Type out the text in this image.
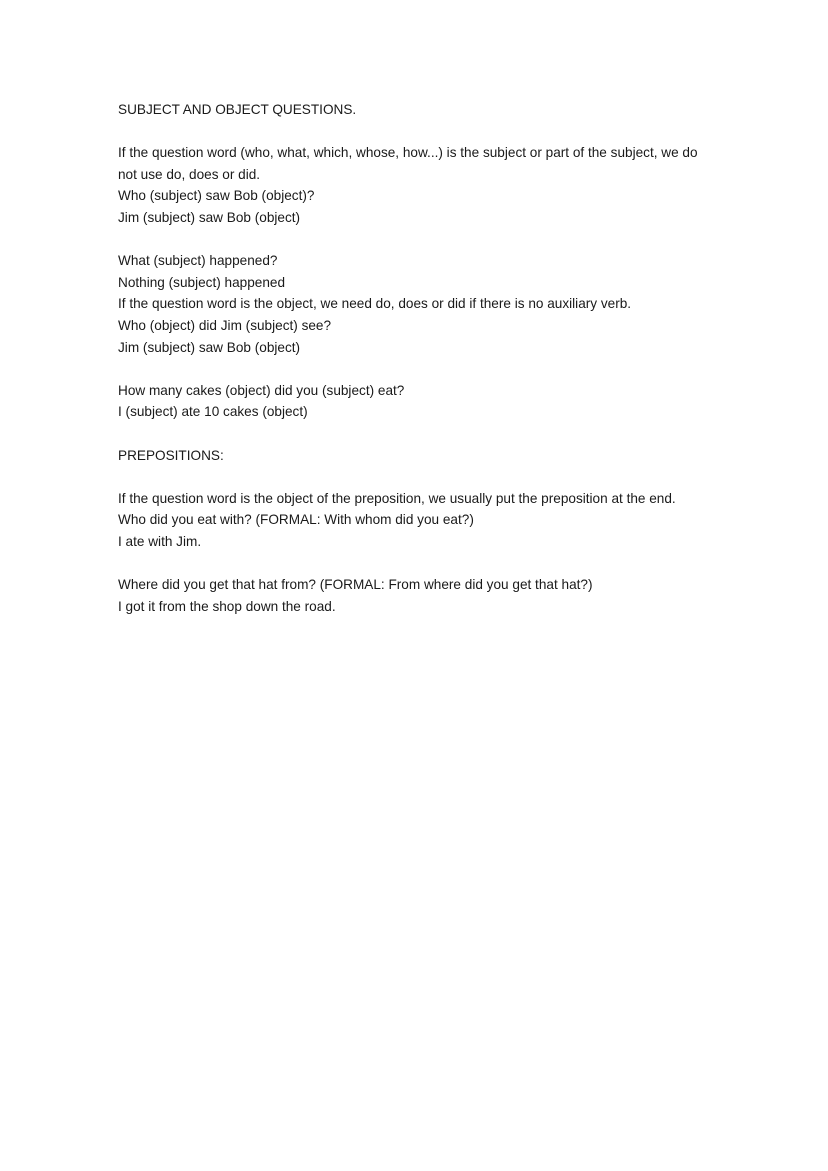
SUBJECT AND OBJECT QUESTIONS.
If the question word (who, what, which, whose, how...) is the subject or part of the subject, we do not use do, does or did.
Who (subject) saw Bob (object)?
Jim (subject) saw Bob (object)
What (subject) happened?
Nothing (subject) happened
If the question word is the object, we need do, does or did if there is no auxiliary verb.
Who (object) did Jim (subject) see?
Jim (subject) saw Bob (object)
How many cakes (object) did you (subject) eat?
I (subject) ate 10 cakes (object)
PREPOSITIONS:
If the question word is the object of the preposition, we usually put the preposition at the end.
Who did you eat with? (FORMAL: With whom did you eat?)
I ate with Jim.
Where did you get that hat from? (FORMAL: From where did you get that hat?)
I got it from the shop down the road.
